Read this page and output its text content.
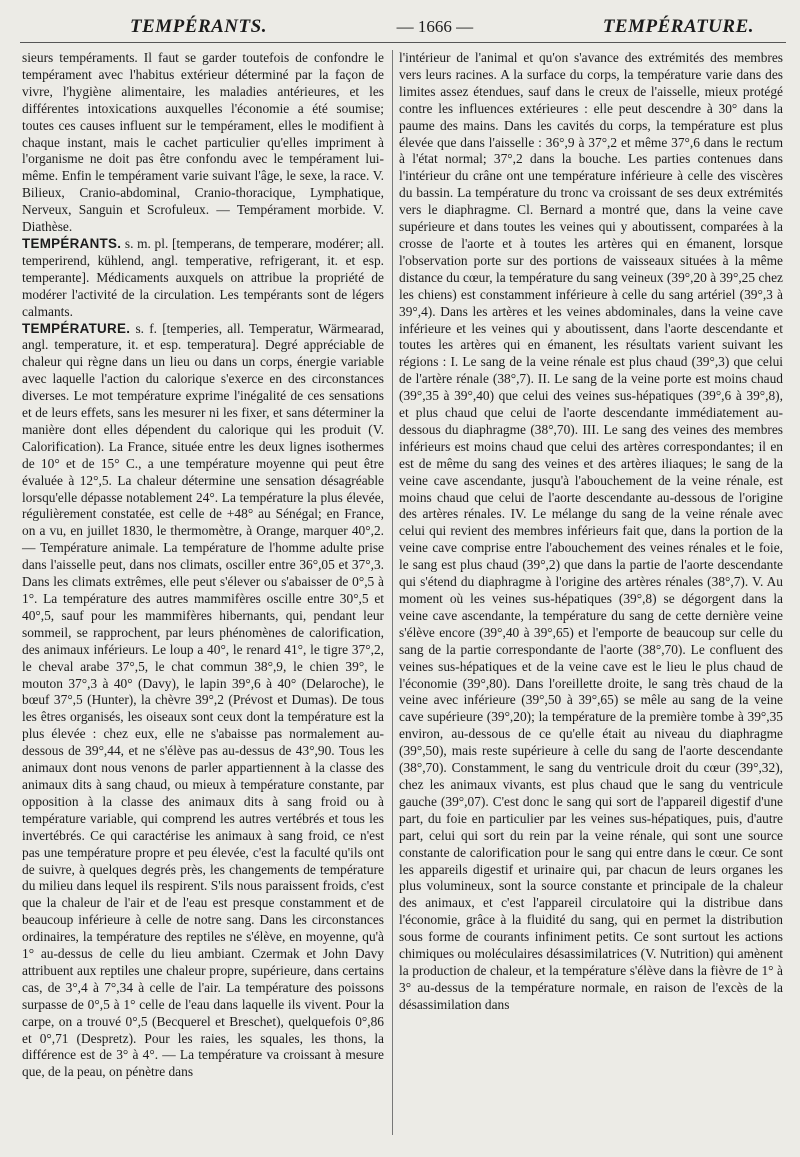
TEMPÉRANTS.	— 1666 —	TEMPÉRATURE.

sieurs tempéraments. Il faut se garder toutefois de confondre le tempérament avec l'habitus extérieur déterminé par la façon de vivre, l'hygiène alimentaire, les maladies antérieures, et les différentes intoxications auxquelles l'économie a été soumise; toutes ces causes influent sur le tempérament, elles le modifient à chaque instant, mais le cachet particulier qu'elles impriment à l'organisme ne doit pas être confondu avec le tempérament lui-même. Enfin le tempérament varie suivant l'âge, le sexe, la race. V. Bilieux, Cranio-abdominal, Cranio-thoracique, Lymphatique, Nerveux, Sanguin et Scrofuleux. — Tempérament morbide. V. Diathèse.

TEMPÉRANTS. s. m. pl. [temperans, de temperare, modérer; all. temperirend, kühlend, angl. temperative, refrigerant, it. et esp. temperante]. Médicaments auxquels on attribue la propriété de modérer l'activité de la circulation. Les tempérants sont de légers calmants.

TEMPÉRATURE. s. f. [temperies, all. Temperatur, Wärmearad, angl. temperature, it. et esp. temperatura]. Degré appréciable de chaleur qui règne dans un lieu ou dans un corps, énergie variable avec laquelle l'action du calorique s'exerce en des circonstances diverses. Le mot température exprime l'inégalité de ces sensations et de leurs effets, sans les mesurer ni les fixer, et sans déterminer la manière dont elles dépendent du calorique qui les produit (V. Calorification). La France, située entre les deux lignes isothermes de 10° et de 15° C., a une température moyenne qui peut être évaluée à 12°,5. La chaleur détermine une sensation désagréable lorsqu'elle dépasse notablement 24°. La température la plus élevée, régulièrement constatée, est celle de +48° au Sénégal; en France, on a vu, en juillet 1830, le thermomètre, à Orange, marquer 40°,2. — Température animale. La température de l'homme adulte prise dans l'aisselle peut, dans nos climats, osciller entre 36°,05 et 37°,3. Dans les climats extrêmes, elle peut s'élever ou s'abaisser de 0°,5 à 1°. La température des autres mammifères oscille entre 30°,5 et 40°,5, sauf pour les mammifères hibernants, qui, pendant leur sommeil, se rapprochent, par leurs phénomènes de calorification, des animaux inférieurs. Le loup a 40°, le renard 41°, le tigre 37°,2, le cheval arabe 37°,5, le chat commun 38°,9, le chien 39°, le mouton 37°,3 à 40° (Davy), le lapin 39°,6 à 40° (Delaroche), le bœuf 37°,5 (Hunter), la chèvre 39°,2 (Prévost et Dumas). De tous les êtres organisés, les oiseaux sont ceux dont la température est la plus élevée : chez eux, elle ne s'abaisse pas normalement au-dessous de 39°,44, et ne s'élève pas au-dessus de 43°,90. Tous les animaux dont nous venons de parler appartiennent à la classe des animaux dits à sang chaud, ou mieux à température constante, par opposition à la classe des animaux dits à sang froid ou à température variable, qui comprend les autres vertébrés et tous les invertébrés. Ce qui caractérise les animaux à sang froid, ce n'est pas une température propre et peu élevée, c'est la faculté qu'ils ont de suivre, à quelques degrés près, les changements de température du milieu dans lequel ils respirent. S'ils nous paraissent froids, c'est que la chaleur de l'air et de l'eau est presque constamment et de beaucoup inférieure à celle de notre sang. Dans les circonstances ordinaires, la température des reptiles ne s'élève, en moyenne, qu'à 1° au-dessus de celle du lieu ambiant. Czermak et John Davy attribuent aux reptiles une chaleur propre, supérieure, dans certains cas, de 3°,4 à 7°,34 à celle de l'air. La température des poissons surpasse de 0°,5 à 1° celle de l'eau dans laquelle ils vivent. Pour la carpe, on a trouvé 0°,5 (Becquerel et Breschet), quelquefois 0°,86 et 0°,71 (Despretz). Pour les raies, les squales, les thons, la différence est de 3° à 4°. — La température va croissant à mesure que, de la peau, on pénètre dans

l'intérieur de l'animal et qu'on s'avance des extrémités des membres vers leurs racines. A la surface du corps, la température varie dans des limites assez étendues, sauf dans le creux de l'aisselle, mieux protégé contre les influences extérieures : elle peut descendre à 30° dans la paume des mains. Dans les cavités du corps, la température est plus élevée que dans l'aisselle : 36°,9 à 37°,2 et même 37°,6 dans le rectum à l'état normal; 37°,2 dans la bouche. Les parties contenues dans l'intérieur du crâne ont une température inférieure à celle des viscères du bassin. La température du tronc va croissant de ses deux extrémités vers le diaphragme. Cl. Bernard a montré que, dans la veine cave supérieure et dans toutes les veines qui y aboutissent, comparées à la crosse de l'aorte et à toutes les artères qui en émanent, lorsque l'observation porte sur des portions de vaisseaux situées à la même distance du cœur, la température du sang veineux (39°,20 à 39°,25 chez les chiens) est constamment inférieure à celle du sang artériel (39°,3 à 39°,4). Dans les artères et les veines abdominales, dans la veine cave inférieure et les veines qui y aboutissent, dans l'aorte descendante et toutes les artères qui en émanent, les résultats varient suivant les régions : I. Le sang de la veine rénale est plus chaud (39°,3) que celui de l'artère rénale (38°,7). II. Le sang de la veine porte est moins chaud (39°,35 à 39°,40) que celui des veines sus-hépatiques (39°,6 à 39°,8), et plus chaud que celui de l'aorte descendante immédiatement au-dessous du diaphragme (38°,70). III. Le sang des veines des membres inférieurs est moins chaud que celui des artères correspondantes; il en est de même du sang des veines et des artères iliaques; le sang de la veine cave ascendante, jusqu'à l'abouchement de la veine rénale, est moins chaud que celui de l'aorte descendante au-dessous de l'origine des artères rénales. IV. Le mélange du sang de la veine rénale avec celui qui revient des membres inférieurs fait que, dans la portion de la veine cave comprise entre l'abouchement des veines rénales et le foie, le sang est plus chaud (39°,2) que dans la partie de l'aorte descendante qui s'étend du diaphragme à l'origine des artères rénales (38°,7). V. Au moment où les veines sus-hépatiques (39°,8) se dégorgent dans la veine cave ascendante, la température du sang de cette dernière veine s'élève encore (39°,40 à 39°,65) et l'emporte de beaucoup sur celle du sang de la partie correspondante de l'aorte (38°,70). Le confluent des veines sus-hépatiques et de la veine cave est le lieu le plus chaud de l'économie (39°,80). Dans l'oreillette droite, le sang très chaud de la veine avec inférieure (39°,50 à 39°,65) se mêle au sang de la veine cave supérieure (39°,20); la température de la première tombe à 39°,35 environ, au-dessous de ce qu'elle était au niveau du diaphragme (39°,50), mais reste supérieure à celle du sang de l'aorte descendante (38°,70). Constamment, le sang du ventricule droit du cœur (39°,32), chez les animaux vivants, est plus chaud que le sang du ventricule gauche (39°,07). C'est donc le sang qui sort de l'appareil digestif d'une part, du foie en particulier par les veines sus-hépatiques, puis, d'autre part, celui qui sort du rein par la veine rénale, qui sont une source constante de calorification pour le sang qui entre dans le cœur. Ce sont les appareils digestif et urinaire qui, par chacun de leurs organes les plus volumineux, sont la source constante et principale de la chaleur des animaux, et c'est l'appareil circulatoire qui la distribue dans l'économie, grâce à la fluidité du sang, qui en permet la distribution sous forme de courants infiniment petits. Ce sont surtout les actions chimiques ou moléculaires désassimilatrices (V. Nutrition) qui amènent la production de chaleur, et la température s'élève dans la fièvre de 1° à 3° au-dessus de la température normale, en raison de l'excès de la désassimilation dans
